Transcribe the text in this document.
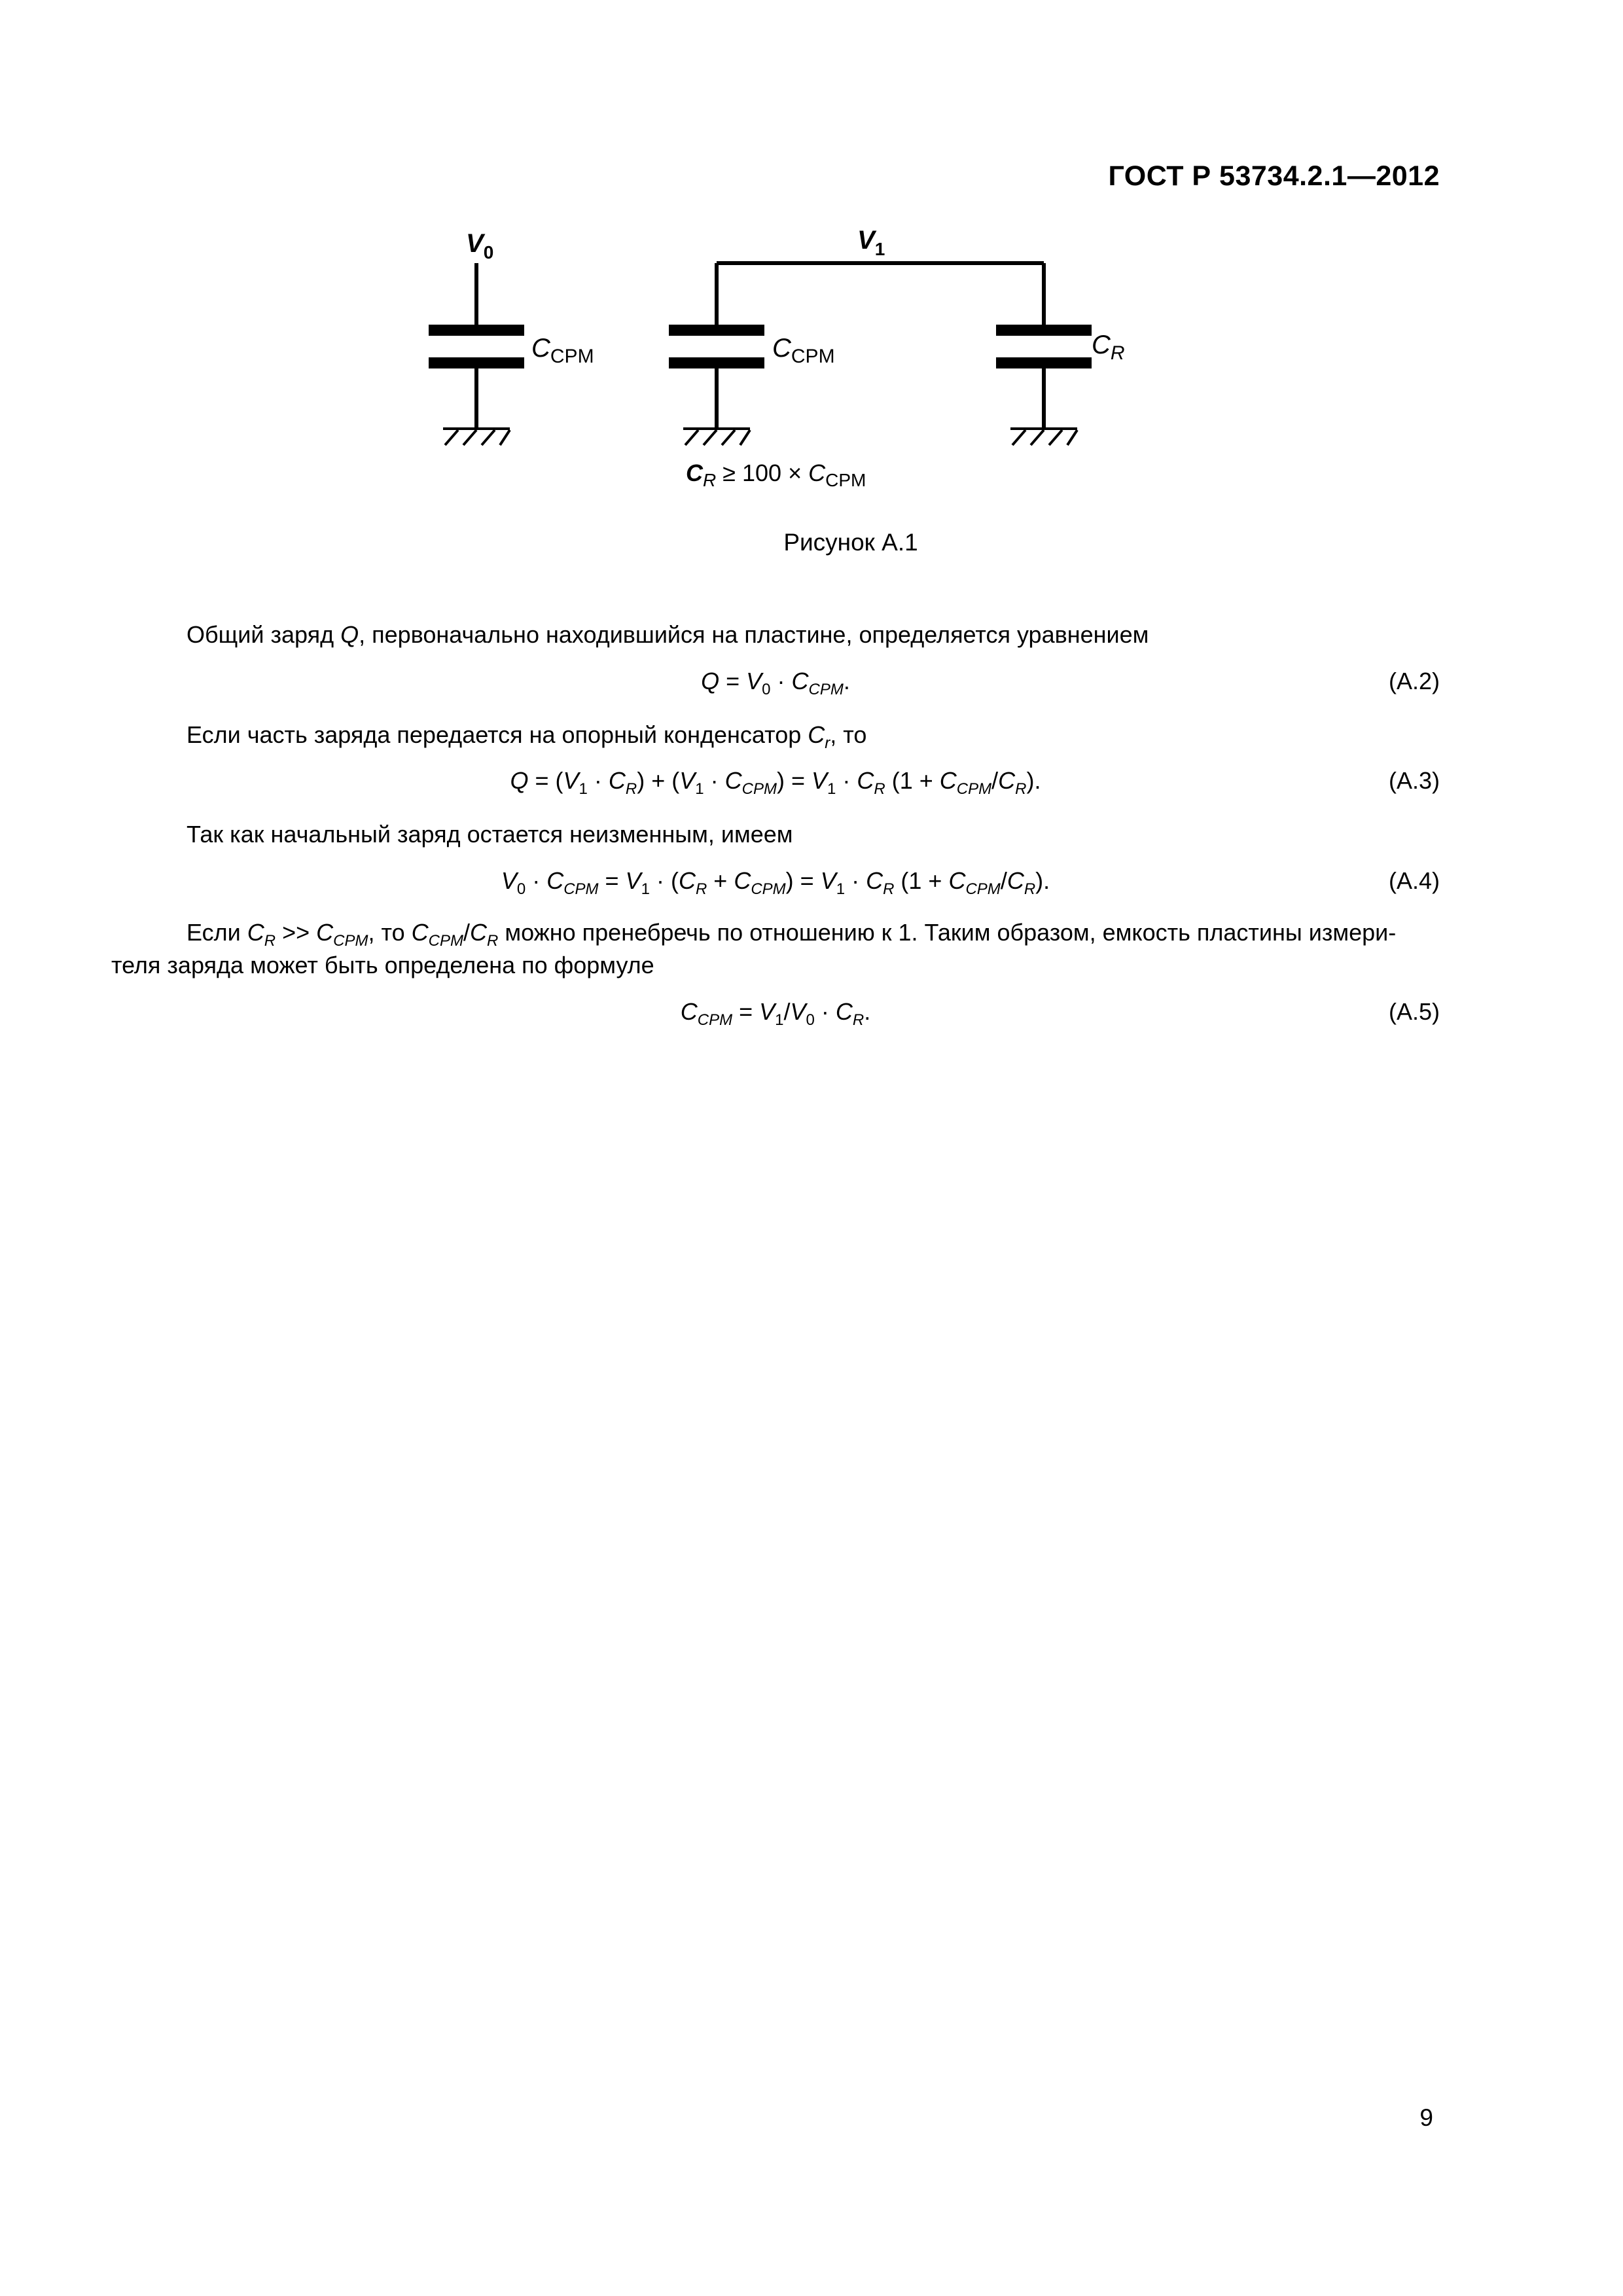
ГОСТ Р 53734.2.1—2012
$V_0$	$V_1$
$C_{CPM}$	$C_{CPM}$	$C_R$
$C_R \ge 100 \times C_{CPM}$
Рисунок А.1
Общий заряд Q, первоначально находившийся на пластине, определяется уравнением
$Q = V_0 \cdot C_{CPM}$.	(А.2)
Если часть заряда передается на опорный конденсатор $C_r$, то
$Q = (V_1 \cdot C_R) + (V_1 \cdot C_{CPM}) = V_1 \cdot C_R$ $(1 + C_{CPM}/C_R)$.	(А.3)
Так как начальный заряд остается неизменным, имеем
$V_0 \cdot C_{CPM} = V_1 \cdot (C_R + C_{CPM}) = V_1 \cdot C_R$ $(1 + C_{CPM}/C_R)$.	(А.4)
Если $C_R >> C_{CPM}$, то $C_{CPM}/C_R$ можно пренебречь по отношению к 1. Таким образом, емкость пластины измери-
теля заряда может быть определена по формуле
$C_{CPM} = V_1/V_0 \cdot C_R$.	(А.5)
9
